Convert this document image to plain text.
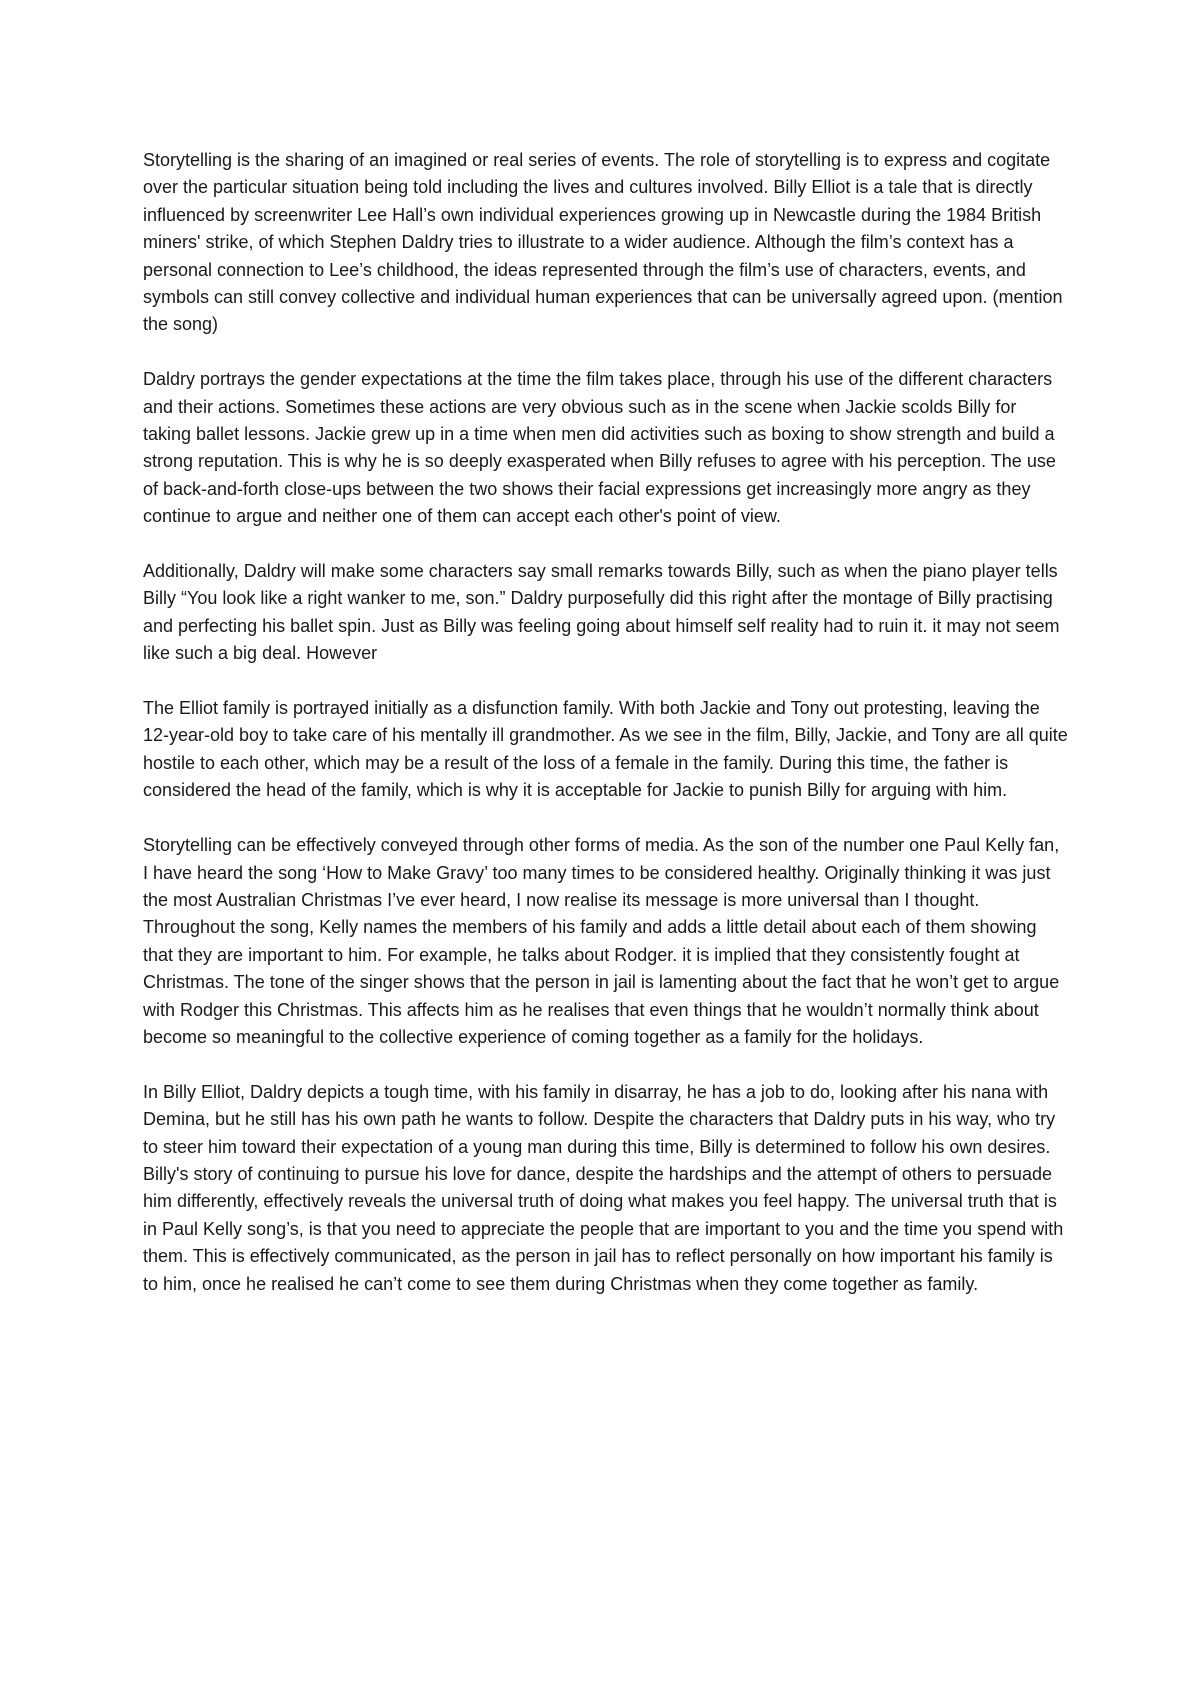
Storytelling is the sharing of an imagined or real series of events. The role of storytelling is to express and cogitate over the particular situation being told including the lives and cultures involved. Billy Elliot is a tale that is directly influenced by screenwriter Lee Hall’s own individual experiences growing up in Newcastle during the 1984 British miners' strike, of which Stephen Daldry tries to illustrate to a wider audience. Although the film’s context has a personal connection to Lee’s childhood, the ideas represented through the film’s use of characters, events, and symbols can still convey collective and individual human experiences that can be universally agreed upon. (mention the song)

Daldry portrays the gender expectations at the time the film takes place, through his use of the different characters and their actions. Sometimes these actions are very obvious such as in the scene when Jackie scolds Billy for taking ballet lessons. Jackie grew up in a time when men did activities such as boxing to show strength and build a strong reputation. This is why he is so deeply exasperated when Billy refuses to agree with his perception. The use of back-and-forth close-ups between the two shows their facial expressions get increasingly more angry as they continue to argue and neither one of them can accept each other's point of view.

Additionally, Daldry will make some characters say small remarks towards Billy, such as when the piano player tells Billy “You look like a right wanker to me, son.” Daldry purposefully did this right after the montage of Billy practising and perfecting his ballet spin. Just as Billy was feeling going about himself self reality had to ruin it. it may not seem like such a big deal. However

The Elliot family is portrayed initially as a disfunction family. With both Jackie and Tony out protesting, leaving the 12-year-old boy to take care of his mentally ill grandmother. As we see in the film, Billy, Jackie, and Tony are all quite hostile to each other, which may be a result of the loss of a female in the family. During this time, the father is considered the head of the family, which is why it is acceptable for Jackie to punish Billy for arguing with him.

Storytelling can be effectively conveyed through other forms of media. As the son of the number one Paul Kelly fan, I have heard the song ‘How to Make Gravy’ too many times to be considered healthy. Originally thinking it was just the most Australian Christmas I’ve ever heard, I now realise its message is more universal than I thought. Throughout the song, Kelly names the members of his family and adds a little detail about each of them showing that they are important to him. For example, he talks about Rodger. it is implied that they consistently fought at Christmas. The tone of the singer shows that the person in jail is lamenting about the fact that he won’t get to argue with Rodger this Christmas. This affects him as he realises that even things that he wouldn’t normally think about become so meaningful to the collective experience of coming together as a family for the holidays.

In Billy Elliot, Daldry depicts a tough time, with his family in disarray, he has a job to do, looking after his nana with Demina, but he still has his own path he wants to follow. Despite the characters that Daldry puts in his way, who try to steer him toward their expectation of a young man during this time, Billy is determined to follow his own desires. Billy's story of continuing to pursue his love for dance, despite the hardships and the attempt of others to persuade him differently, effectively reveals the universal truth of doing what makes you feel happy. The universal truth that is in Paul Kelly song’s, is that you need to appreciate the people that are important to you and the time you spend with them. This is effectively communicated, as the person in jail has to reflect personally on how important his family is to him, once he realised he can’t come to see them during Christmas when they come together as family.
